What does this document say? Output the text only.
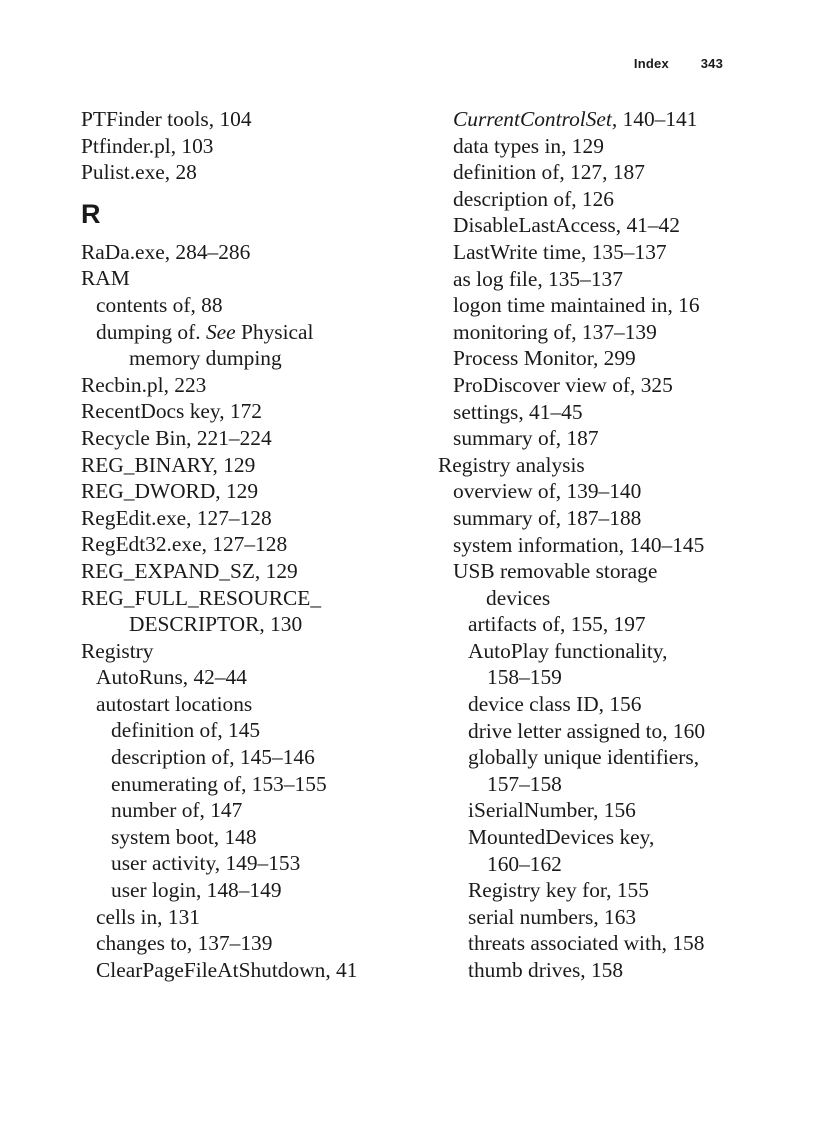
Index 343
PTFinder tools, 104
Ptfinder.pl, 103
Pulist.exe, 28
R
RaDa.exe, 284–286
RAM
contents of, 88
dumping of. See Physical
memory dumping
Recbin.pl, 223
RecentDocs key, 172
Recycle Bin, 221–224
REG_BINARY, 129
REG_DWORD, 129
RegEdit.exe, 127–128
RegEdt32.exe, 127–128
REG_EXPAND_SZ, 129
REG_FULL_RESOURCE_
DESCRIPTOR, 130
Registry
AutoRuns, 42–44
autostart locations
definition of, 145
description of, 145–146
enumerating of, 153–155
number of, 147
system boot, 148
user activity, 149–153
user login, 148–149
cells in, 131
changes to, 137–139
ClearPageFileAtShutdown, 41
CurrentControlSet, 140–141
data types in, 129
definition of, 127, 187
description of, 126
DisableLastAccess, 41–42
LastWrite time, 135–137
as log file, 135–137
logon time maintained in, 16
monitoring of, 137–139
Process Monitor, 299
ProDiscover view of, 325
settings, 41–45
summary of, 187
Registry analysis
overview of, 139–140
summary of, 187–188
system information, 140–145
USB removable storage
devices
artifacts of, 155, 197
AutoPlay functionality,
158–159
device class ID, 156
drive letter assigned to, 160
globally unique identifiers,
157–158
iSerialNumber, 156
MountedDevices key,
160–162
Registry key for, 155
serial numbers, 163
threats associated with, 158
thumb drives, 158
